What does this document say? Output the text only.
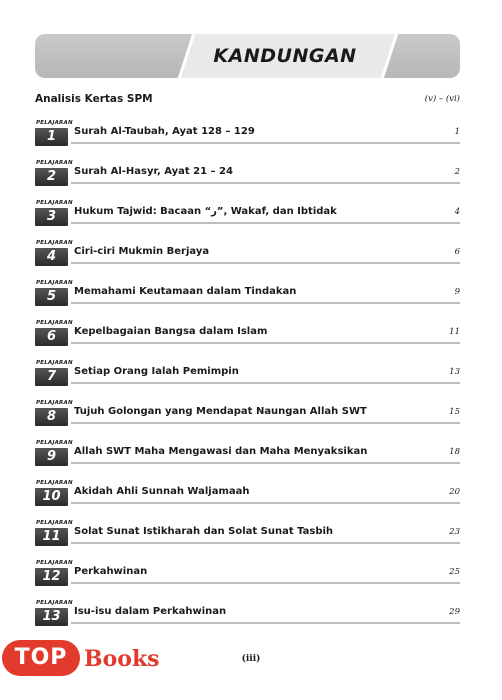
KANDUNGAN
Analisis Kertas SPM	(v) – (vi)
PELAJARAN
1	Surah Al-Taubah, Ayat 128 – 129	1
PELAJARAN
2	Surah Al-Hasyr, Ayat 21 – 24	2
PELAJARAN
3	Hukum Tajwid: Bacaan “ر”, Wakaf, dan Ibtidak	4
PELAJARAN
4	Ciri-ciri Mukmin Berjaya	6
PELAJARAN
5	Memahami Keutamaan dalam Tindakan	9
PELAJARAN
6	Kepelbagaian Bangsa dalam Islam	11
PELAJARAN
7	Setiap Orang Ialah Pemimpin	13
PELAJARAN
8	Tujuh Golongan yang Mendapat Naungan Allah SWT	15
PELAJARAN
9	Allah SWT Maha Mengawasi dan Maha Menyaksikan	18
PELAJARAN
10	Akidah Ahli Sunnah Waljamaah	20
PELAJARAN
11	Solat Sunat Istikharah dan Solat Sunat Tasbih	23
PELAJARAN
12	Perkahwinan	25
PELAJARAN
13	Isu-isu dalam Perkahwinan	29
(iii)
TOP Books
